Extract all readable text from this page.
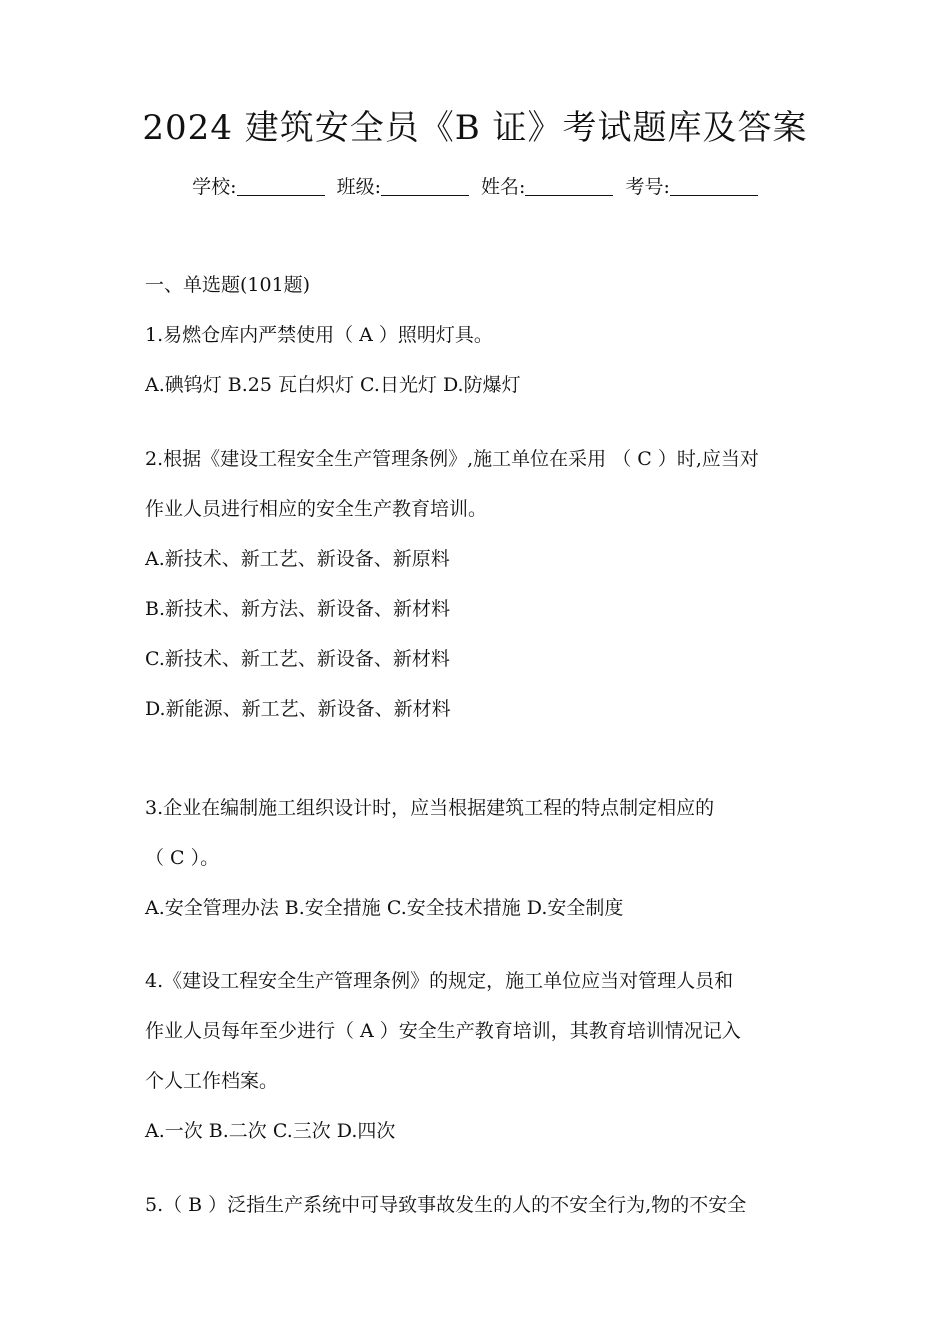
2024 建筑安全员《B 证》考试题库及答案
学校:	班级:	姓名:	考号:
一、单选题(101题)
1.易燃仓库内严禁使用（ A ）照明灯具。
A.碘钨灯 B.25 瓦白炽灯 C.日光灯 D.防爆灯
2.根据《建设工程安全生产管理条例》,施工单位在采用 （ C ）时,应当对
作业人员进行相应的安全生产教育培训。
A.新技术、新工艺、新设备、新原料
B.新技术、新方法、新设备、新材料
C.新技术、新工艺、新设备、新材料
D.新能源、新工艺、新设备、新材料
3.企业在编制施工组织设计时，应当根据建筑工程的特点制定相应的
（ C ）。
A.安全管理办法 B.安全措施 C.安全技术措施 D.安全制度
4.《建设工程安全生产管理条例》的规定，施工单位应当对管理人员和
作业人员每年至少进行（ A ）安全生产教育培训，其教育培训情况记入
个人工作档案。
A.一次 B.二次 C.三次 D.四次
5.（ B ）泛指生产系统中可导致事故发生的人的不安全行为,物的不安全
